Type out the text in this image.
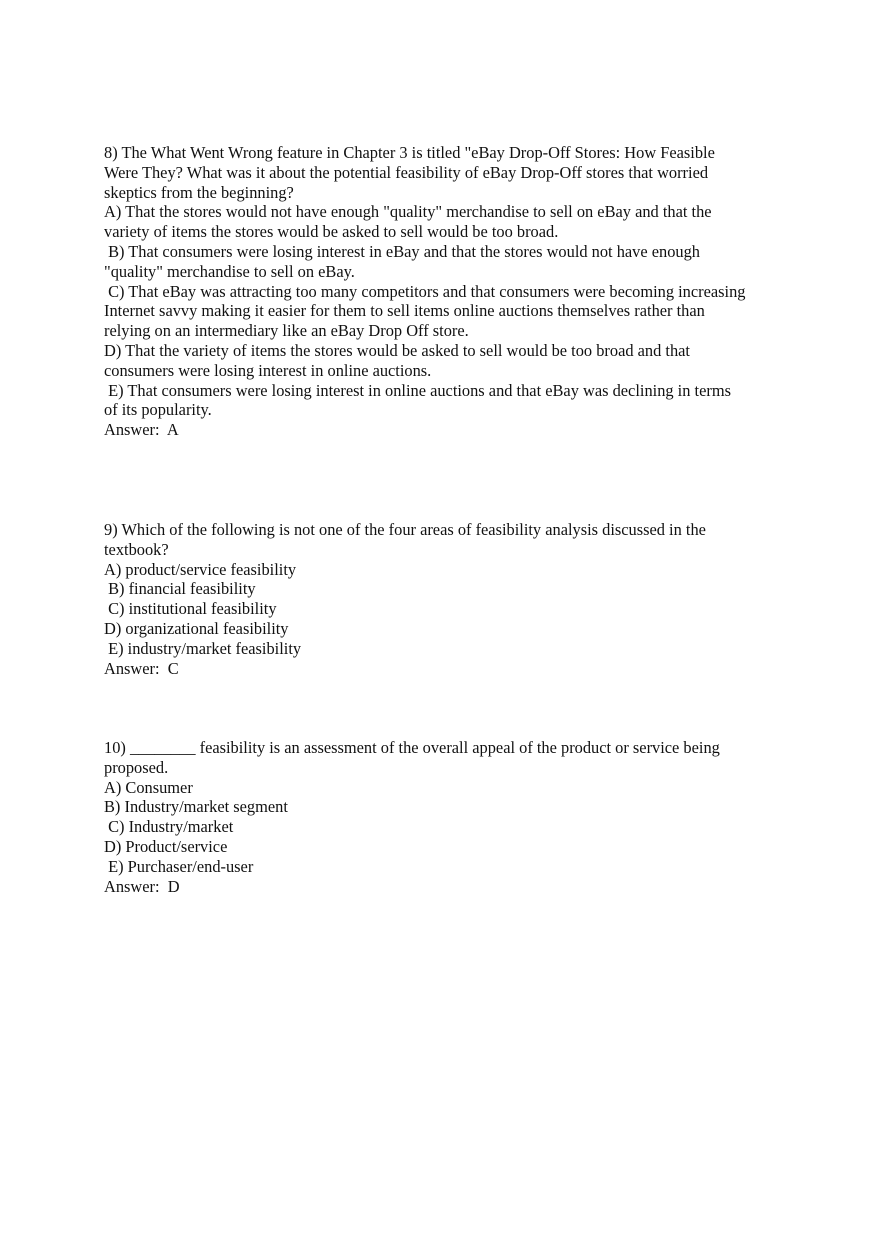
8) The What Went Wrong feature in Chapter 3 is titled "eBay Drop-Off Stores: How Feasible
Were They? What was it about the potential feasibility of eBay Drop-Off stores that worried
skeptics from the beginning?
A) That the stores would not have enough "quality" merchandise to sell on eBay and that the
variety of items the stores would be asked to sell would be too broad.
B) That consumers were losing interest in eBay and that the stores would not have enough
"quality" merchandise to sell on eBay.
C) That eBay was attracting too many competitors and that consumers were becoming increasing
Internet savvy making it easier for them to sell items online auctions themselves rather than
relying on an intermediary like an eBay Drop Off store.
D) That the variety of items the stores would be asked to sell would be too broad and that
consumers were losing interest in online auctions.
E) That consumers were losing interest in online auctions and that eBay was declining in terms
of its popularity.
Answer:  A
9) Which of the following is not one of the four areas of feasibility analysis discussed in the
textbook?
A) product/service feasibility
B) financial feasibility
C) institutional feasibility
D) organizational feasibility
E) industry/market feasibility
Answer:  C
10) ________ feasibility is an assessment of the overall appeal of the product or service being
proposed.
A) Consumer
B) Industry/market segment
C) Industry/market
D) Product/service
E) Purchaser/end-user
Answer:  D
